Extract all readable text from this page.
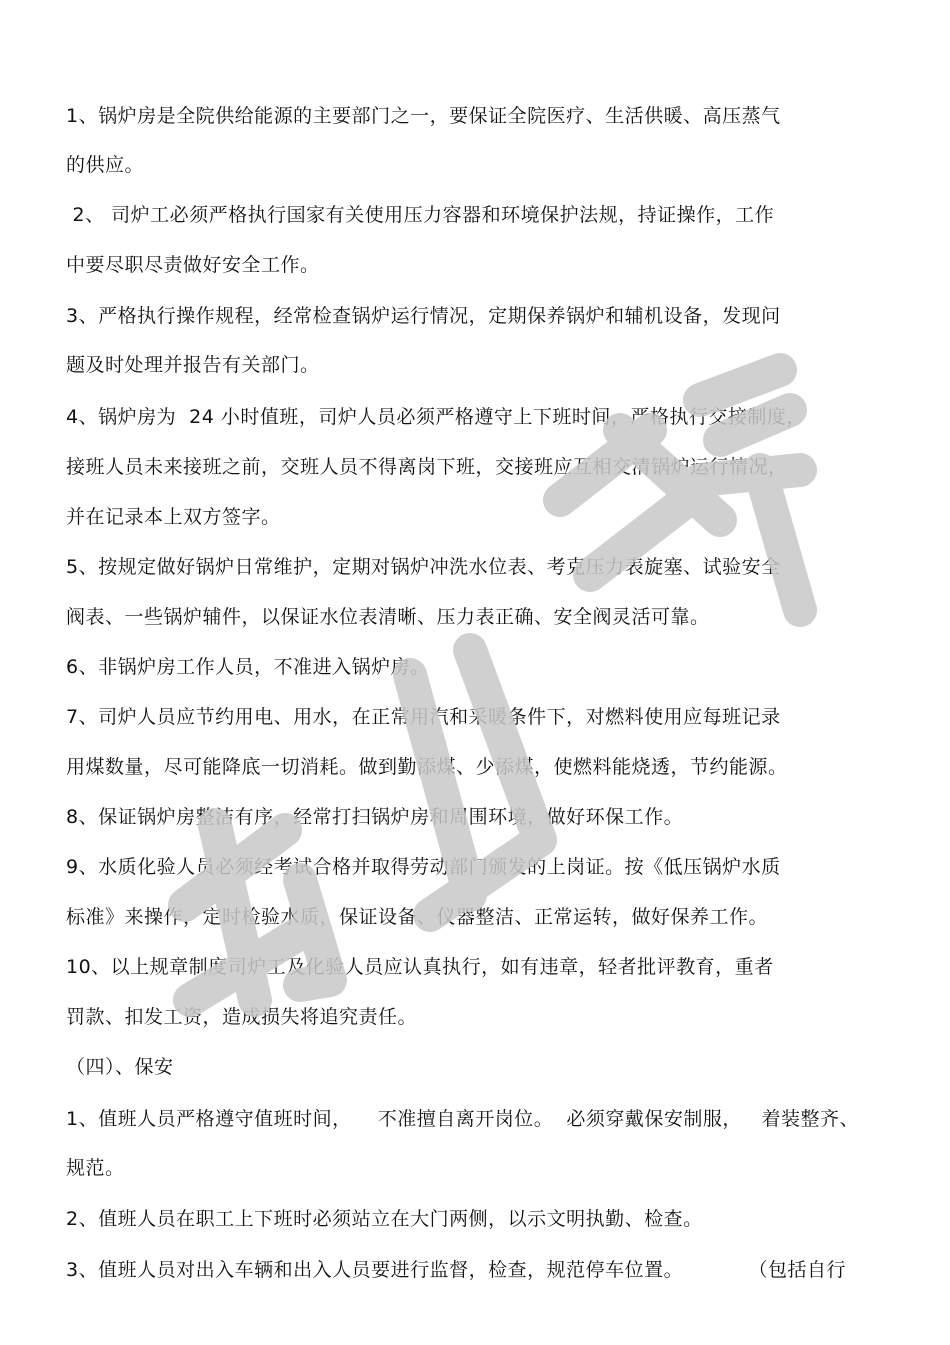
1、锅炉房是全院供给能源的主要部门之一，要保证全院医疗、生活供暖、高压蒸气
的供应。
2、 司炉工必须严格执行国家有关使用压力容器和环境保护法规，持证操作，工作
中要尽职尽责做好安全工作。
3、严格执行操作规程，经常检查锅炉运行情况，定期保养锅炉和辅机设备，发现问
题及时处理并报告有关部门。
4、锅炉房为  24 小时值班，司炉人员必须严格遵守上下班时间，严格执行交接制度，
接班人员未来接班之前，交班人员不得离岗下班，交接班应互相交清锅炉运行情况，
并在记录本上双方签字。
5、按规定做好锅炉日常维护，定期对锅炉冲洗水位表、考克压力表旋塞、试验安全
阀表、一些锅炉辅件，以保证水位表清晰、压力表正确、安全阀灵活可靠。
6、非锅炉房工作人员，不准进入锅炉房。
7、司炉人员应节约用电、用水，在正常用汽和采暖条件下，对燃料使用应每班记录
用煤数量，尽可能降底一切消耗。做到勤添煤、少添煤，使燃料能烧透，节约能源。
8、保证锅炉房整洁有序，经常打扫锅炉房和周围环境，做好环保工作。
9、水质化验人员必须经考试合格并取得劳动部门颁发的上岗证。按《低压锅炉水质
标准》来操作，定时检验水质，保证设备、仪器整洁、正常运转，做好保养工作。
10、以上规章制度司炉工及化验人员应认真执行，如有违章，轻者批评教育，重者
罚款、扣发工资，造成损失将追究责任。
（四）、保安
1、值班人员严格遵守值班时间，    不准擅自离开岗位。  必须穿戴保安制服，   着装整齐、
规范。
2、值班人员在职工上下班时必须站立在大门两侧，以示文明执勤、检查。
3、值班人员对出入车辆和出入人员要进行监督，检查，规范停车位置。          （包括自行
